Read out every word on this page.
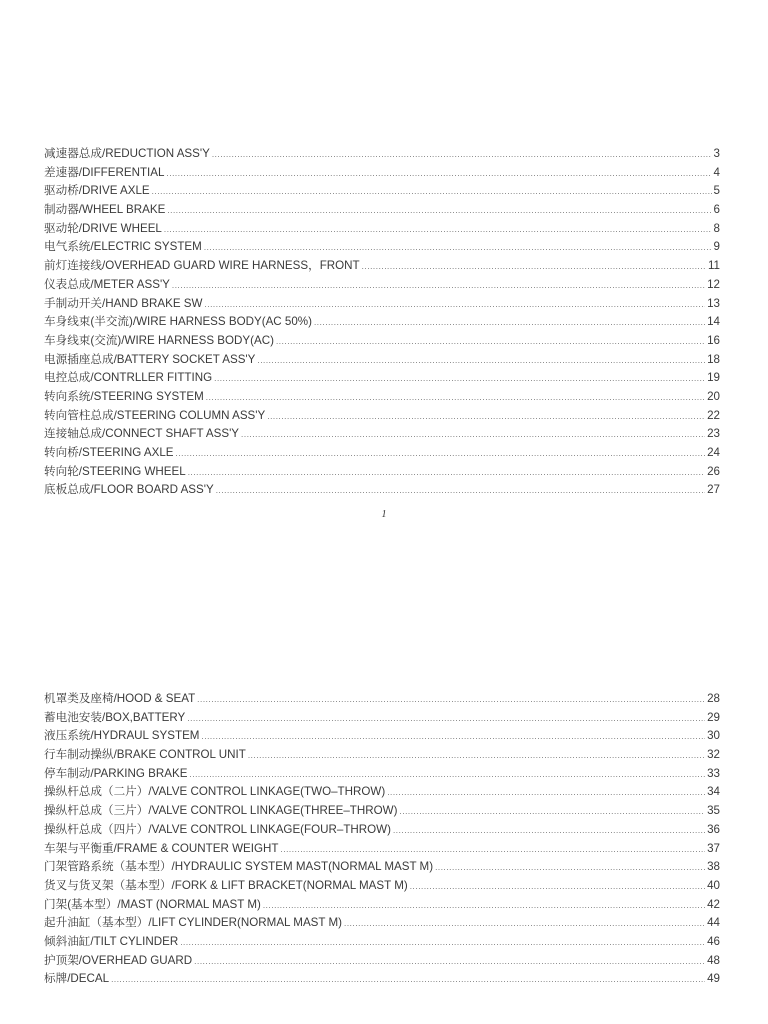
减速器总成/REDUCTION ASS'Y .....	3
差速器/DIFFERENTIAL .....	4
驱动桥/DRIVE AXLE .....	5
制动器/WHEEL BRAKE .....	6
驱动轮/DRIVE WHEEL .....	8
电气系统/ELECTRIC SYSTEM .....	9
前灯连接线/OVERHEAD GUARD WIRE HARNESS，FRONT .....	11
仪表总成/METER ASS'Y .....	12
手制动开关/HAND BRAKE SW .....	13
车身线束(半交流)/WIRE HARNESS BODY(AC 50%) .....	14
车身线束(交流)/WIRE HARNESS BODY(AC) .....	16
电源插座总成/BATTERY SOCKET ASS'Y .....	18
电控总成/CONTRLLER FITTING .....	19
转向系统/STEERING SYSTEM .....	20
转向管柱总成/STEERING COLUMN ASS'Y .....	22
连接轴总成/CONNECT SHAFT ASS'Y .....	23
转向桥/STEERING AXLE .....	24
转向轮/STEERING WHEEL .....	26
底板总成/FLOOR BOARD ASS'Y .....	27
1
机罩类及座椅/HOOD & SEAT .....	28
蓄电池安装/BOX,BATTERY .....	29
液压系统/HYDRAUL SYSTEM .....	30
行车制动操纵/BRAKE CONTROL UNIT .....	32
停车制动/PARKING BRAKE .....	33
操纵杆总成（二片）/VALVE CONTROL LINKAGE(TWO–THROW) .....	34
操纵杆总成（三片）/VALVE CONTROL LINKAGE(THREE–THROW) .....	35
操纵杆总成（四片）/VALVE CONTROL LINKAGE(FOUR–THROW) .....	36
车架与平衡重/FRAME & COUNTER WEIGHT .....	37
门架管路系统（基本型）/HYDRAULIC SYSTEM MAST(NORMAL MAST M) .....	38
货叉与货叉架（基本型）/FORK & LIFT BRACKET(NORMAL MAST M) .....	40
门架(基本型）/MAST (NORMAL MAST M) .....	42
起升油缸（基本型）/LIFT CYLINDER(NORMAL MAST M) .....	44
倾斜油缸/TILT CYLINDER .....	46
护顶架/OVERHEAD GUARD .....	48
标牌/DECAL .....	49
